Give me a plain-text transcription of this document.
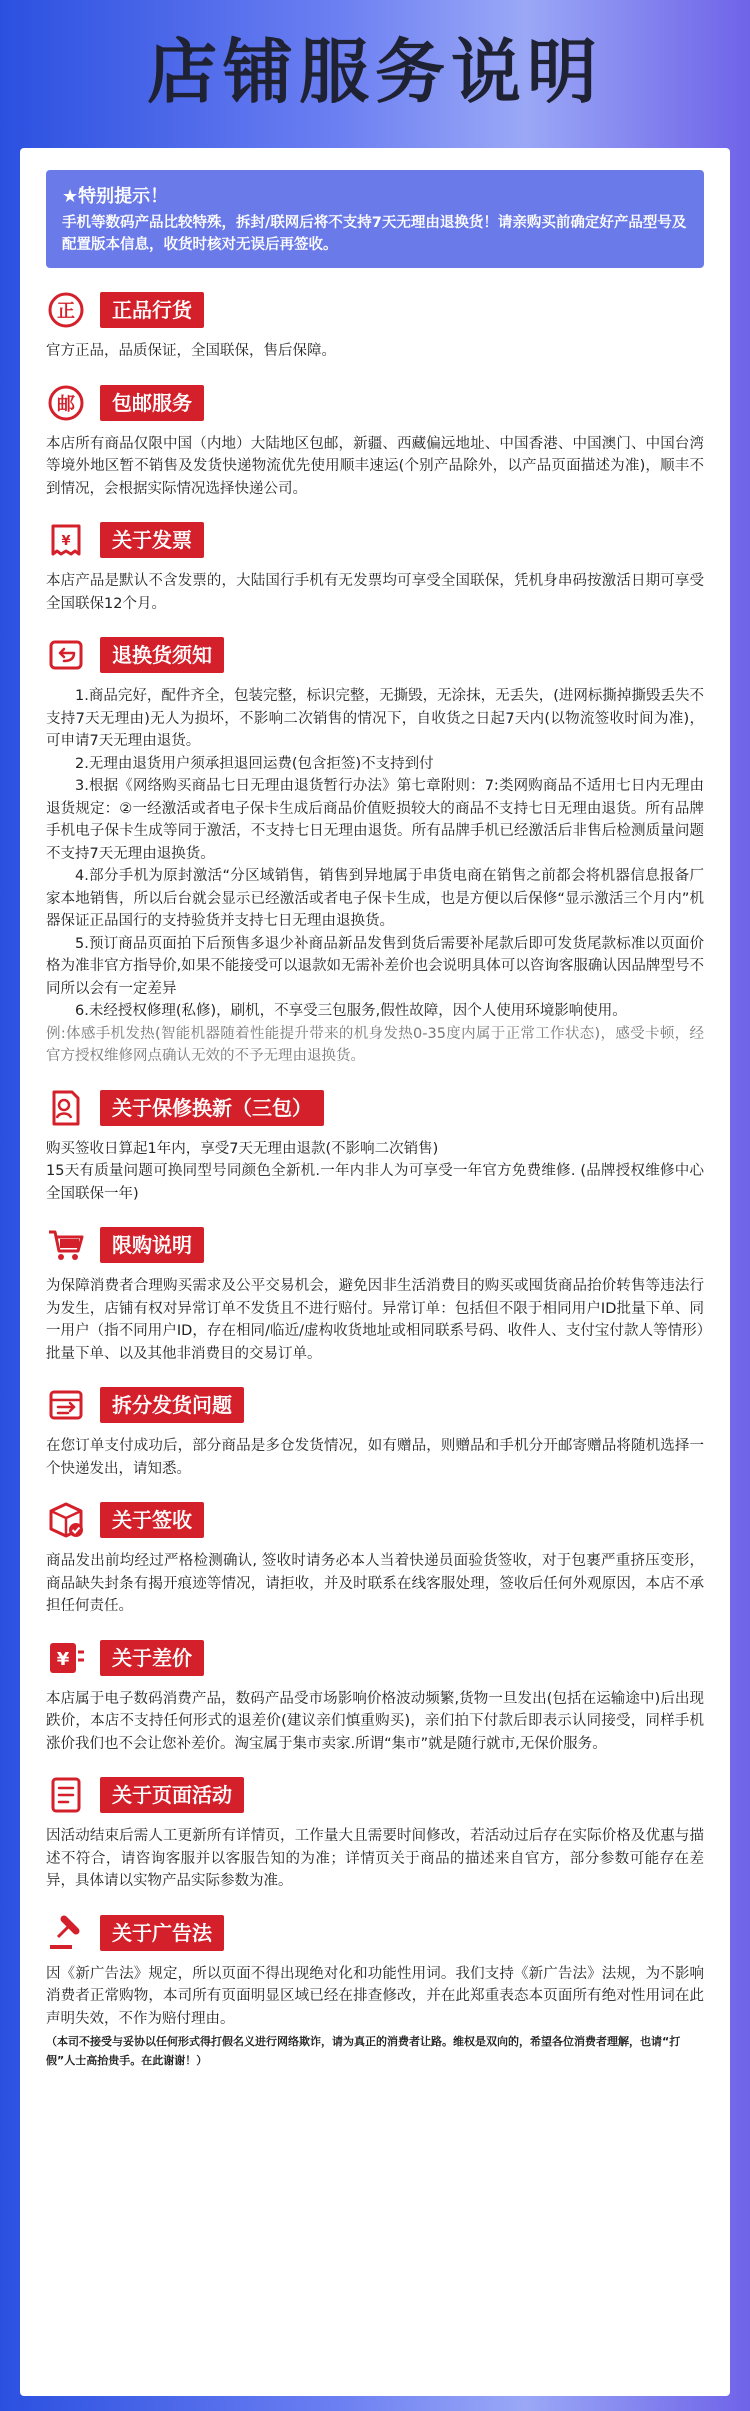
店铺服务说明
★特别提示！
手机等数码产品比较特殊，拆封/联网后将不支持7天无理由退换货！请亲购买前确定好产品型号及配置版本信息，收货时核对无误后再签收。
正	正品行货
官方正品，品质保证，全国联保，售后保障。
邮	包邮服务
本店所有商品仅限中国（内地）大陆地区包邮，新疆、西藏偏远地址、中国香港、中国澳门、中国台湾等境外地区暂不销售及发货快递物流优先使用顺丰速运(个别产品除外，以产品页面描述为准)，顺丰不到情况，会根据实际情况选择快递公司。
¥	关于发票
本店产品是默认不含发票的，大陆国行手机有无发票均可享受全国联保，凭机身串码按激活日期可享受全国联保12个月。
退换货须知

1.商品完好，配件齐全，包装完整，标识完整，无撕毁，无涂抹，无丢失，(进网标撕掉撕毁丢失不支持7天无理由)无人为损坏，不影响二次销售的情况下，自收货之日起7天内(以物流签收时间为准)，可申请7天无理由退货。

2.无理由退货用户须承担退回运费(包含拒签)不支持到付

3.根据《网络购买商品七日无理由退货暂行办法》第七章附则：7:类网购商品不适用七日内无理由退货规定：②一经激活或者电子保卡生成后商品价值贬损较大的商品不支持七日无理由退货。所有品牌手机电子保卡生成等同于激活，不支持七日无理由退货。所有品牌手机已经激活后非售后检测质量问题不支持7天无理由退换货。

4.部分手机为原封激活“分区域销售，销售到异地属于串货电商在销售之前都会将机器信息报备厂家本地销售，所以后台就会显示已经激活或者电子保卡生成，也是方便以后保修“显示激活三个月内”机器保证正品国行的支持验货并支持七日无理由退换货。

5.预订商品页面拍下后预售多退少补商品新品发售到货后需要补尾款后即可发货尾款标准以页面价格为准非官方指导价,如果不能接受可以退款如无需补差价也会说明具体可以咨询客服确认因品牌型号不同所以会有一定差异

6.未经授权修理(私修)，刷机，不享受三包服务,假性故障，因个人使用环境影响使用。

例:体感手机发热(智能机器随着性能提升带来的机身发热0-35度内属于正常工作状态)，感受卡顿，经官方授权维修网点确认无效的不予无理由退换货。

关于保修换新（三包）

购买签收日算起1年内，享受7天无理由退款(不影响二次销售)

15天有质量问题可换同型号同颜色全新机.一年内非人为可享受一年官方免费维修. (品牌授权维修中心全国联保一年)

限购说明
为保障消费者合理购买需求及公平交易机会，避免因非生活消费目的购买或囤货商品抬价转售等违法行为发生，店铺有权对异常订单不发货且不进行赔付。异常订单：包括但不限于相同用户ID批量下单、同一用户（指不同用户ID，存在相同/临近/虚构收货地址或相同联系号码、收件人、支付宝付款人等情形）批量下单、以及其他非消费目的交易订单。
拆分发货问题
在您订单支付成功后，部分商品是多仓发货情况，如有赠品，则赠品和手机分开邮寄赠品将随机选择一个快递发出，请知悉。
关于签收
商品发出前均经过严格检测确认, 签收时请务必本人当着快递员面验货签收，对于包裹严重挤压变形，商品缺失封条有揭开痕迹等情况，请拒收，并及时联系在线客服处理，签收后任何外观原因，本店不承担任何责任。
¥	关于差价
本店属于电子数码消费产品，数码产品受市场影响价格波动频繁,货物一旦发出(包括在运输途中)后出现跌价，本店不支持任何形式的退差价(建议亲们慎重购买)，亲们拍下付款后即表示认同接受，同样手机涨价我们也不会让您补差价。淘宝属于集市卖家.所谓“集市”就是随行就市,无保价服务。
关于页面活动
因活动结束后需人工更新所有详情页，工作量大且需要时间修改，若活动过后存在实际价格及优惠与描述不符合，请咨询客服并以客服告知的为准；详情页关于商品的描述来自官方，部分参数可能存在差异，具体请以实物产品实际参数为准。
关于广告法
因《新广告法》规定，所以页面不得出现绝对化和功能性用词。我们支持《新广告法》法规，为不影响消费者正常购物，本司所有页面明显区域已经在排查修改，并在此郑重表态本页面所有绝对性用词在此声明失效，不作为赔付理由。
（本司不接受与妥协以任何形式得打假名义进行网络欺诈，请为真正的消费者让路。维权是双向的，希望各位消费者理解，也请“打假”人士高抬贵手。在此谢谢！）
